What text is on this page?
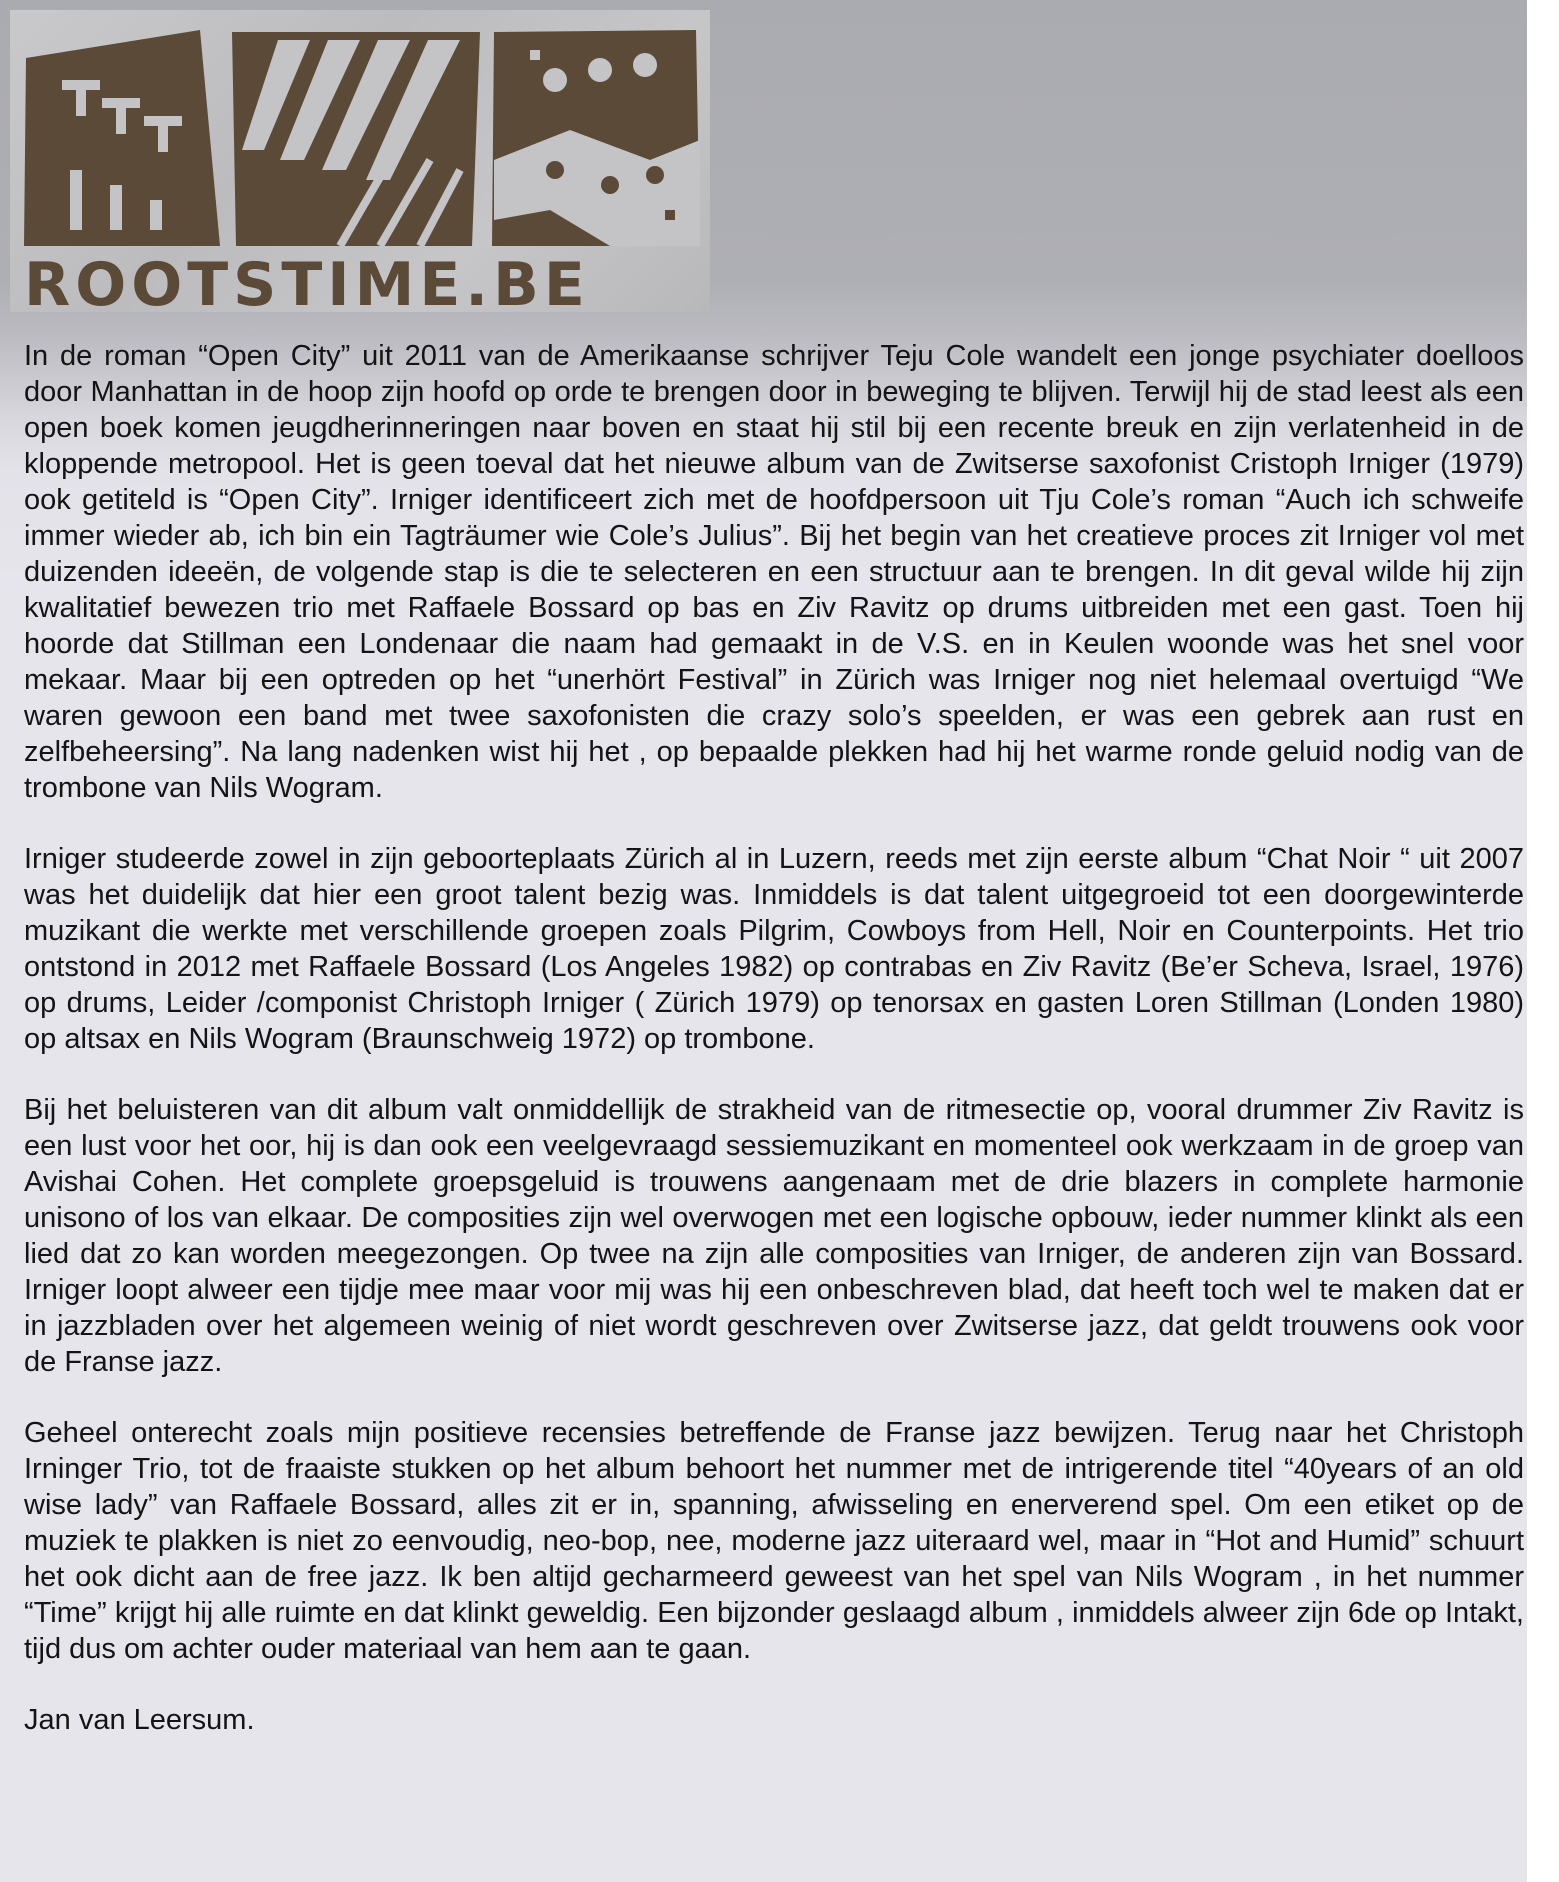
ROOTSTIME.BE

In de roman “Open City” uit 2011 van de Amerikaanse schrijver Teju Cole wandelt een jonge psychiater doelloos door Manhattan in de hoop zijn hoofd op orde te brengen door in beweging te blijven. Terwijl hij de stad leest als een open boek komen jeugdherinneringen naar boven en staat hij stil bij een recente breuk en zijn verlatenheid in de kloppende metropool. Het is geen toeval dat het nieuwe album van de Zwitserse saxofonist Cristoph Irniger (1979) ook getiteld is “Open City”. Irniger identificeert zich met de hoofdpersoon uit Tju Cole’s roman “Auch ich schweife immer wieder ab, ich bin ein Tagträumer wie Cole’s Julius”. Bij het begin van het creatieve proces zit Irniger vol met duizenden ideeën, de volgende stap is die te selecteren en een structuur aan te brengen. In dit geval wilde hij zijn kwalitatief bewezen trio met Raffaele Bossard op bas en Ziv Ravitz op drums uitbreiden met een gast. Toen hij hoorde dat Stillman een Londenaar die naam had gemaakt in de V.S. en in Keulen woonde was het snel voor mekaar. Maar bij een optreden op het “unerhört Festival” in Zürich was Irniger nog niet helemaal overtuigd “We waren gewoon een band met twee saxofonisten die crazy solo’s speelden, er was een gebrek aan rust en zelfbeheersing”. Na lang nadenken wist hij het , op bepaalde plekken had hij het warme ronde geluid nodig van de trombone van Nils Wogram.

Irniger studeerde zowel in zijn geboorteplaats Zürich al in Luzern, reeds met zijn eerste album “Chat Noir “ uit 2007 was het duidelijk dat hier een groot talent bezig was. Inmiddels is dat talent uitgegroeid tot een doorgewinterde muzikant die werkte met verschillende groepen zoals Pilgrim, Cowboys from Hell, Noir en Counterpoints. Het trio ontstond in 2012 met Raffaele Bossard (Los Angeles 1982) op contrabas en Ziv Ravitz (Be’er Scheva, Israel, 1976) op drums, Leider /componist Christoph Irniger ( Zürich 1979) op tenorsax en gasten Loren Stillman (Londen 1980) op altsax en Nils Wogram (Braunschweig 1972) op trombone.

Bij het beluisteren van dit album valt onmiddellijk de strakheid van de ritmesectie op, vooral drummer Ziv Ravitz is een lust voor het oor, hij is dan ook een veelgevraagd sessiemuzikant en momenteel ook werkzaam in de groep van Avishai Cohen. Het complete groepsgeluid is trouwens aangenaam met de drie blazers in complete harmonie unisono of los van elkaar. De composities zijn wel overwogen met een logische opbouw, ieder nummer klinkt als een lied dat zo kan worden meegezongen. Op twee na zijn alle composities van Irniger, de anderen zijn van Bossard. Irniger loopt alweer een tijdje mee maar voor mij was hij een onbeschreven blad, dat heeft toch wel te maken dat er in jazzbladen over het algemeen weinig of niet wordt geschreven over Zwitserse jazz, dat geldt trouwens ook voor de Franse jazz.

Geheel onterecht zoals mijn positieve recensies betreffende de Franse jazz bewijzen. Terug naar het Christoph Irninger Trio, tot de fraaiste stukken op het album behoort het nummer met de intrigerende titel “40years of an old wise lady” van Raffaele Bossard, alles zit er in, spanning, afwisseling en enerverend spel. Om een etiket op de muziek te plakken is niet zo eenvoudig, neo-bop, nee, moderne jazz uiteraard wel, maar in “Hot and Humid” schuurt het ook dicht aan de free jazz. Ik ben altijd gecharmeerd geweest van het spel van Nils Wogram , in het nummer “Time” krijgt hij alle ruimte en dat klinkt geweldig. Een bijzonder geslaagd album , inmiddels alweer zijn 6de op Intakt, tijd dus om achter ouder materiaal van hem aan te gaan.

Jan van Leersum.
